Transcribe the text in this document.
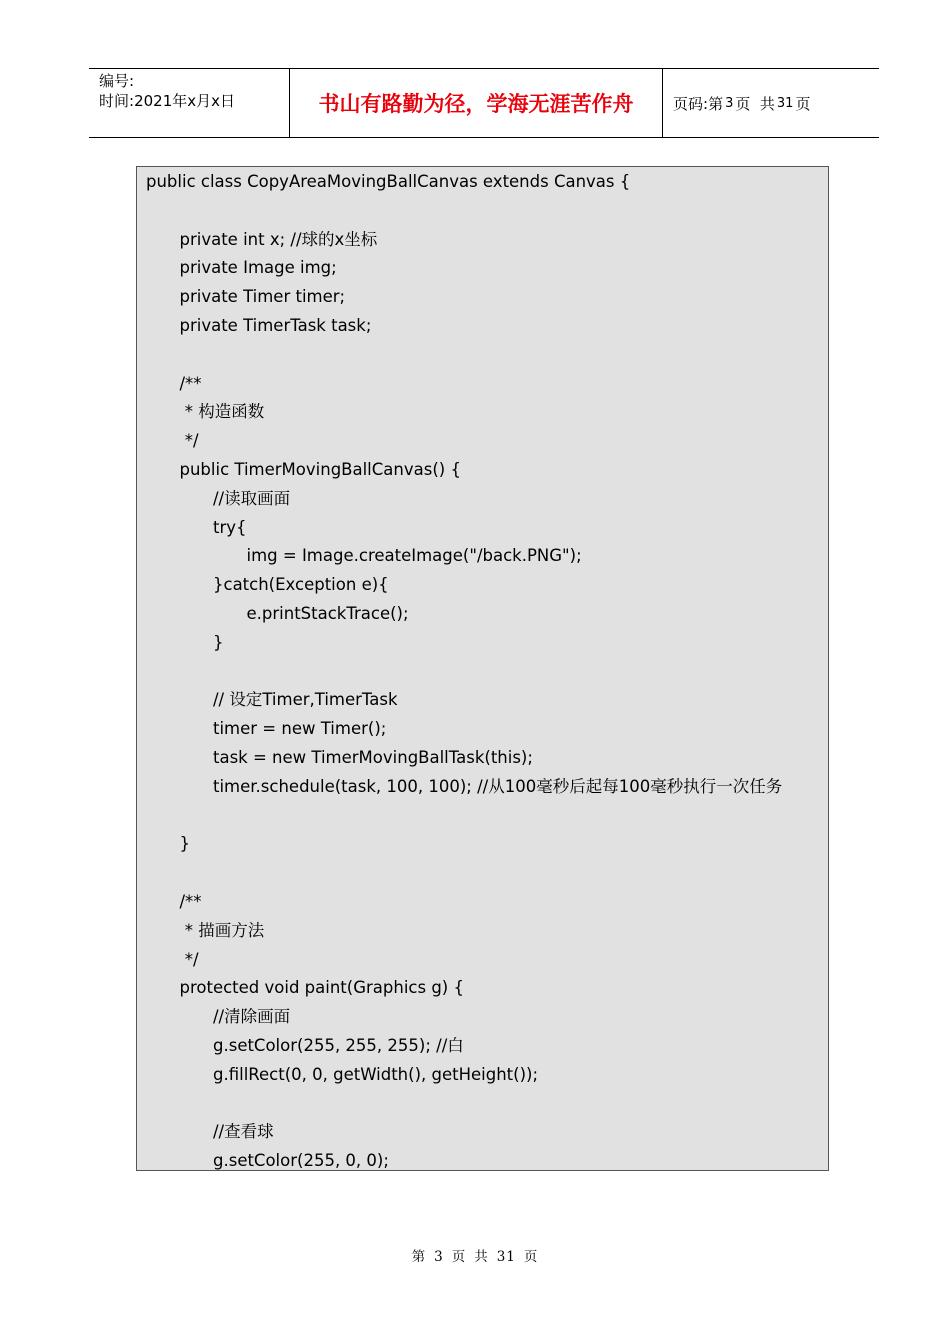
编号:
时间:2021年x月x日	书山有路勤为径，学海无涯苦作舟	页码: 第 3 页  共 31 页
public class CopyAreaMovingBallCanvas extends Canvas {
private int x; //球的x坐标
private Image img;
private Timer timer;
private TimerTask task;
/**
* 构造函数
*/
public TimerMovingBallCanvas() {
//读取画面
try{
img = Image.createImage("/back.PNG");
}catch(Exception e){
e.printStackTrace();
}
// 设定Timer,TimerTask
timer = new Timer();
task = new TimerMovingBallTask(this);
timer.schedule(task, 100, 100); //从100毫秒后起每100毫秒执行一次任务
}
/**
* 描画方法
*/
protected void paint(Graphics g) {
//清除画面
g.setColor(255, 255, 255); //白
g.fillRect(0, 0, getWidth(), getHeight());
//查看球
g.setColor(255, 0, 0);
第 3 页 共 31 页
